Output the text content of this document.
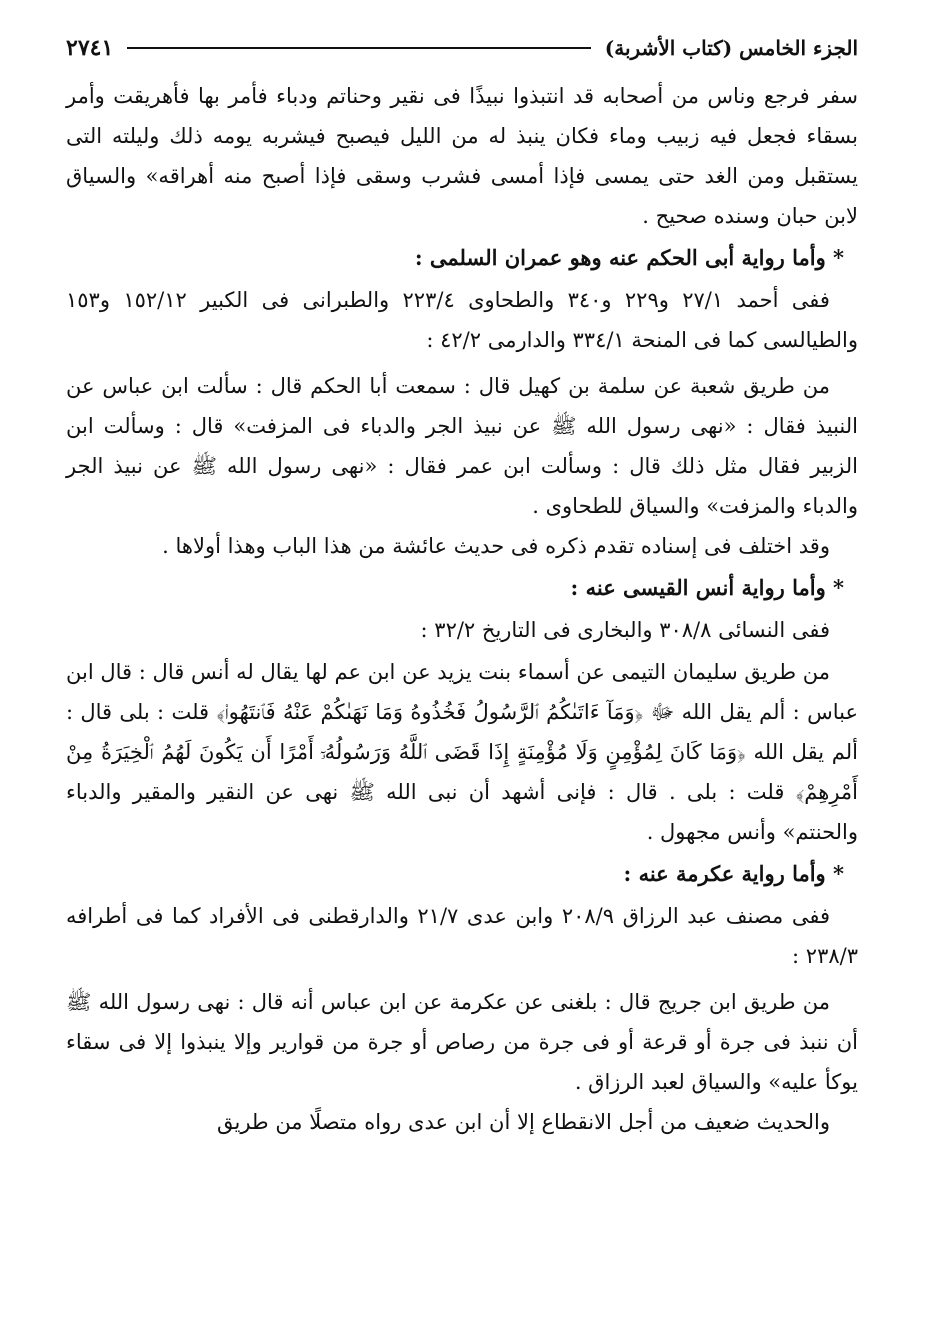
الجزء الخامس (كتاب الأشربة)
٢٧٤١

سفر فرجع وناس من أصحابه قد انتبذوا نبيذًا فى نقير وحناتم ودباء فأمر بها فأهريقت وأمر بسقاء فجعل فيه زبيب وماء فكان ينبذ له من الليل فيصبح فيشربه يومه ذلك وليلته التى يستقبل ومن الغد حتى يمسى فإذا أمسى فشرب وسقى فإذا أصبح منه أهراقه» والسياق لابن حبان وسنده صحيح .

* وأما رواية أبى الحكم عنه وهو عمران السلمى :

ففى أحمد ٢٧/١ و٢٢٩ و٣٤٠ والطحاوى ٢٢٣/٤ والطبرانى فى الكبير ١٥٢/١٢ و١٥٣ والطيالسى كما فى المنحة ٣٣٤/١ والدارمى ٤٢/٢ :

من طريق شعبة عن سلمة بن كهيل قال : سمعت أبا الحكم قال : سألت ابن عباس عن النبيذ فقال : «نهى رسول الله ﷺ عن نبيذ الجر والدباء فى المزفت» قال : وسألت ابن الزبير فقال مثل ذلك قال : وسألت ابن عمر فقال : «نهى رسول الله ﷺ عن نبيذ الجر والدباء والمزفت» والسياق للطحاوى .

وقد اختلف فى إسناده تقدم ذكره فى حديث عائشة من هذا الباب وهذا أولاها .

* وأما رواية أنس القيسى عنه :

ففى النسائى ٣٠٨/٨ والبخارى فى التاريخ ٣٢/٢ :

من طريق سليمان التيمى عن أسماء بنت يزيد عن ابن عم لها يقال له أنس قال : قال ابن عباس : ألم يقل الله ﷻ ﴿وَمَآ ءَاتَىٰكُمُ ٱلرَّسُولُ فَخُذُوهُ وَمَا نَهَىٰكُمْ عَنْهُ فَٱنتَهُوا۟﴾ قلت : بلى قال : ألم يقل الله ﴿وَمَا كَانَ لِمُؤْمِنٍ وَلَا مُؤْمِنَةٍ إِذَا قَضَى ٱللَّهُ وَرَسُولُهُۥٓ أَمْرًا أَن يَكُونَ لَهُمُ ٱلْخِيَرَةُ مِنْ أَمْرِهِمْ﴾ قلت : بلى . قال : فإنى أشهد أن نبى الله ﷺ نهى عن النقير والمقير والدباء والحنتم» وأنس مجهول .

* وأما رواية عكرمة عنه :

ففى مصنف عبد الرزاق ٢٠٨/٩ وابن عدى ٢١/٧ والدارقطنى فى الأفراد كما فى أطرافه ٢٣٨/٣ :

من طريق ابن جريج قال : بلغنى عن عكرمة عن ابن عباس أنه قال : نهى رسول الله ﷺ أن ننبذ فى جرة أو قرعة أو فى جرة من رصاص أو جرة من قوارير وإلا ينبذوا إلا فى سقاء يوكأ عليه» والسياق لعبد الرزاق .

والحديث ضعيف من أجل الانقطاع إلا أن ابن عدى رواه متصلًا من طريق
